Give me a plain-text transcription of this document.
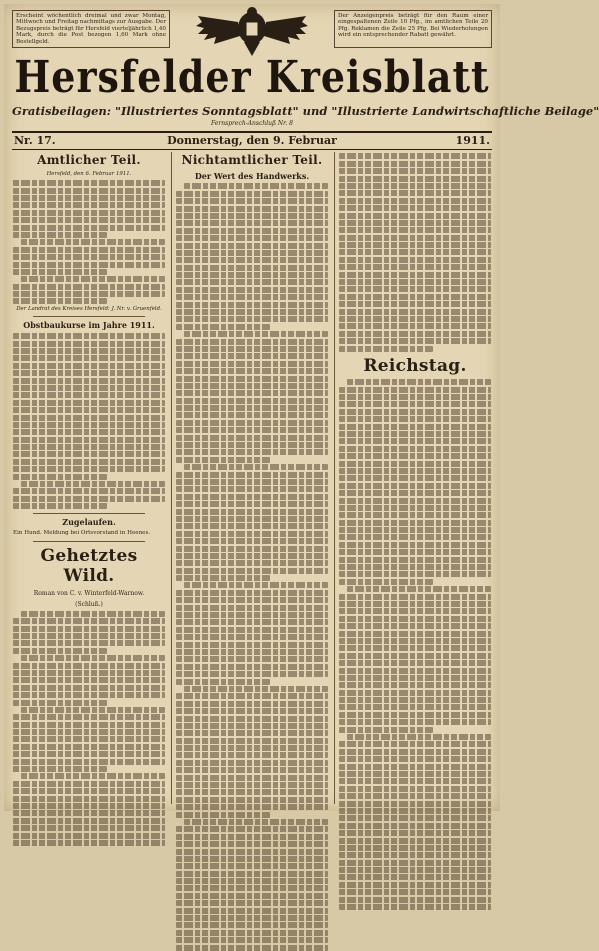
Erscheint wöchentlich dreimal und zwar Montag, Mittwoch und Freitag nachmittags zur Ausgabe. Der Bezugspreis beträgt für Hersfeld vierteljährlich 1,40 Mark, durch die Post bezogen 1,60 Mark ohne Bestellgeld.
Der Anzeigenpreis beträgt für den Raum einer eingespaltenen Zeile 10 Pfg., im amtlichen Teile 20 Pfg. Reklamen die Zeile 25 Pfg. Bei Wiederholungen wird ein entsprechender Rabatt gewährt.
Hersfelder Kreisblatt
Gratisbeilagen: "Illustriertes Sonntagsblatt" und "Illustrierte Landwirtschaftliche Beilage"
Fernsprech-Anschluß Nr. 8
Nr. 17.	Donnerstag, den 9. Februar	1911.
Amtlicher Teil.
Hersfeld, den 6. Februar 1911.
Der Landrat des Kreises Hersfeld: J. Nr. v. Gruenfeld.
Obstbaukurse im Jahre 1911.
Zugelaufen.

Ein Hund. Meldung bei Ortsvorstand in Heenes.

Gehetztes Wild.
Roman von C. v. Winterfeld-Warnow.
(Schluß.)
Nichtamtlicher Teil.
Der Wert des Handwerks.
Reichstag.
